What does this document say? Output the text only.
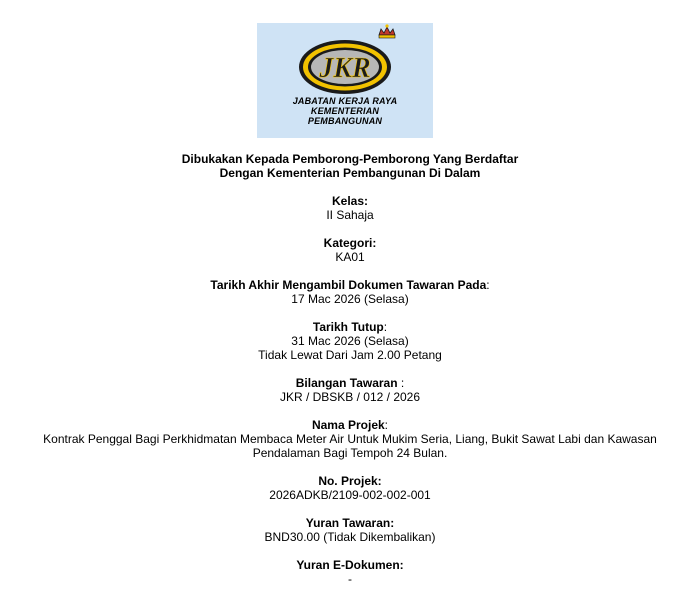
JKR
JABATAN KERJA RAYA
KEMENTERIAN
PEMBANGUNAN

Dibukakan Kepada Pemborong-Pemborong Yang Berdaftar

Dengan Kementerian Pembangunan Di Dalam

Kelas:

II Sahaja

Kategori:

KA01

Tarikh Akhir Mengambil Dokumen Tawaran Pada:

17 Mac 2026 (Selasa)

Tarikh Tutup:

31 Mac 2026 (Selasa)

Tidak Lewat Dari Jam 2.00 Petang

Bilangan Tawaran :

JKR / DBSKB / 012 / 2026

Nama Projek:

Kontrak Penggal Bagi Perkhidmatan Membaca Meter Air Untuk Mukim Seria, Liang, Bukit Sawat Labi dan Kawasan

Pendalaman Bagi Tempoh 24 Bulan.

No. Projek:

2026ADKB/2109-002-002-001

Yuran Tawaran:

BND30.00 (Tidak Dikembalikan)

Yuran E-Dokumen:

-
